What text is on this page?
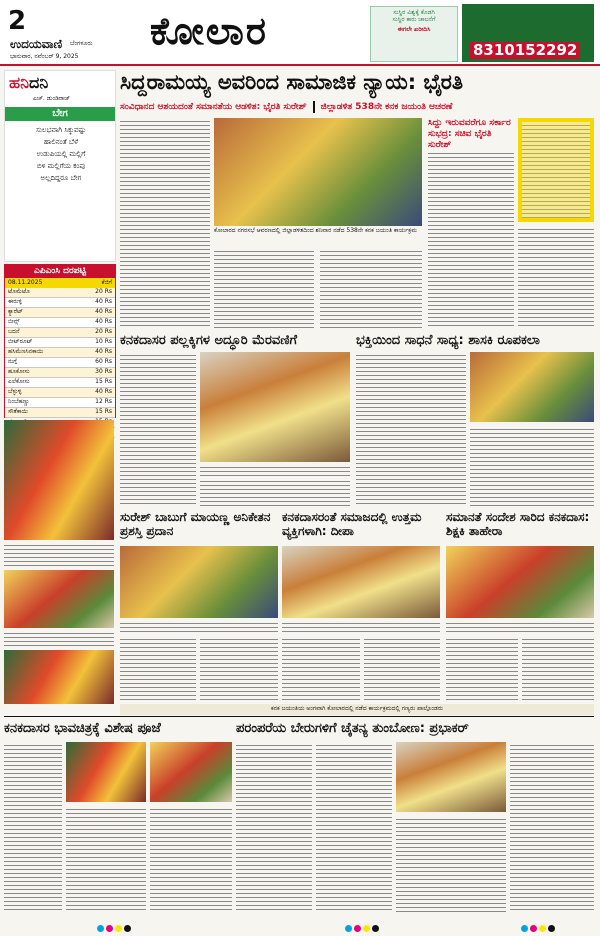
2
ಉದಯವಾಣಿ ಬೆಂಗಳೂರು
ಭಾನುವಾರ, ನವೆಂಬರ್ 9, 2025
ಕೋಲಾರ	ಸುಸ್ಥಿರ ವಿಶ್ವಕ್ಕೆ ಕೊಡಗಿ
ಸುಸ್ಥಿರ ಕಾರು ಚಾಲನೆಗೆ
ಈಗಲೇ ಖರೀದಿಸಿ
8310152292
ಹನಿದನಿ
ಎಚ್. ಡುಂಡಿರಾಜ್
ಬೇಗ
ಸುಲಭವಾಗಿ ಸಿಕ್ಕುವಷ್ಟು
ಹಾಲಿನಂತೆ ಬೆಳೆ
ಉಡುಪಿಯಲ್ಲಿ ಮಲ್ಲಿಗೆ
ಬಿಳಿ ಮಲ್ಲಿಗೆಯ ಕಂಪು
ಅಲ್ಲದಿದ್ದರೂ ಬೇಗ
ಎಪಿಎಂಸಿ ದರಪಟ್ಟಿ
08.11.2025	ಕೆಜಿಗೆ
ಟೊಮೆಟೊ	20 Rs
ಈರುಳ್ಳಿ	40 Rs
ಕ್ಯಾರೆಟ್	40 Rs
ಬೀನ್ಸ್	40 Rs
ಬದನೆ	20 Rs
ಬೀಟ್‌ರೂಟ್	10 Rs
ಹಸಿಮೆಣಸಿನಕಾಯಿ	40 Rs
ನುಗ್ಗೆ	60 Rs
ಹೂಕೋಸು	30 Rs
ಎಲೆಕೋಸು	15 Rs
ಬೆಳ್ಳುಳ್ಳಿ	40 Rs
ನಿಂಬೆಹಣ್ಣು	12 Rs
ಸೌತೆಕಾಯಿ	15 Rs
ಸಿದ್ದರಾಮಯ್ಯ ಅವರಿಂದ ಸಾಮಾಜಿಕ ನ್ಯಾಯ: ಭೈರತಿ
ಸಂವಿಧಾನದ ಆಶಯದಂತೆ ಸಮಾನತೆಯ ಆಡಳಿತ: ಭೈರತಿ ಸುರೇಶ್ ಜಿಲ್ಲಾಡಳಿತ 538ನೇ ಕನಕ ಜಯಂತಿ ಆಚರಣೆ
ಕೋಲಾರದ ನಗರಸಭೆ ಆವರಣದಲ್ಲಿ ಜಿಲ್ಲಾಡಳಿತದಿಂದ ಶನಿವಾರ ನಡೆದ 538ನೇ ಕನಕ ಜಯಂತಿ ಕಾರ್ಯಕ್ರಮ
ಸಿದ್ದು ಇರುವವರೆಗೂ ಸರ್ಕಾರ ಸುಭದ್ರ: ಸಚಿವ ಭೈರತಿ ಸುರೇಶ್
ಕನಕದಾಸರ ಪಲ್ಲಕ್ಕಿಗಳ ಅದ್ಧೂರಿ ಮೆರವಣಿಗೆ	ಭಕ್ತಿಯಿಂದ ಸಾಧನೆ ಸಾಧ್ಯ: ಶಾಸಕಿ ರೂಪಕಲಾ
ಸುರೇಶ್ ಬಾಬುಗೆ ಮಾಯಣ್ಣ ಅನಿಕೇತನ ಪ್ರಶಸ್ತಿ ಪ್ರದಾನ
ಕನಕದಾಸರಂತೆ ಸಮಾಜದಲ್ಲಿ ಉತ್ತಮ ವ್ಯಕ್ತಿಗಳಾಗಿ: ದೀಪಾ
ಸಮಾನತೆ ಸಂದೇಶ ಸಾರಿದ ಕನಕದಾಸ: ಶಿಕ್ಷಕಿ ತಾಹೇರಾ
ಕನಕ ಜಯಂತಿಯ ಅಂಗವಾಗಿ ಕೋಲಾರದಲ್ಲಿ ನಡೆದ ಕಾರ್ಯಕ್ರಮದಲ್ಲಿ ಗಣ್ಯರು ಪಾಲ್ಗೊಂಡರು
ಕನಕದಾಸರ ಭಾವಚಿತ್ರಕ್ಕೆ ವಿಶೇಷ ಪೂಜೆ	ಪರಂಪರೆಯ ಬೇರುಗಳಿಗೆ ಚೈತನ್ಯ ತುಂಬೋಣ: ಪ್ರಭಾಕರ್
